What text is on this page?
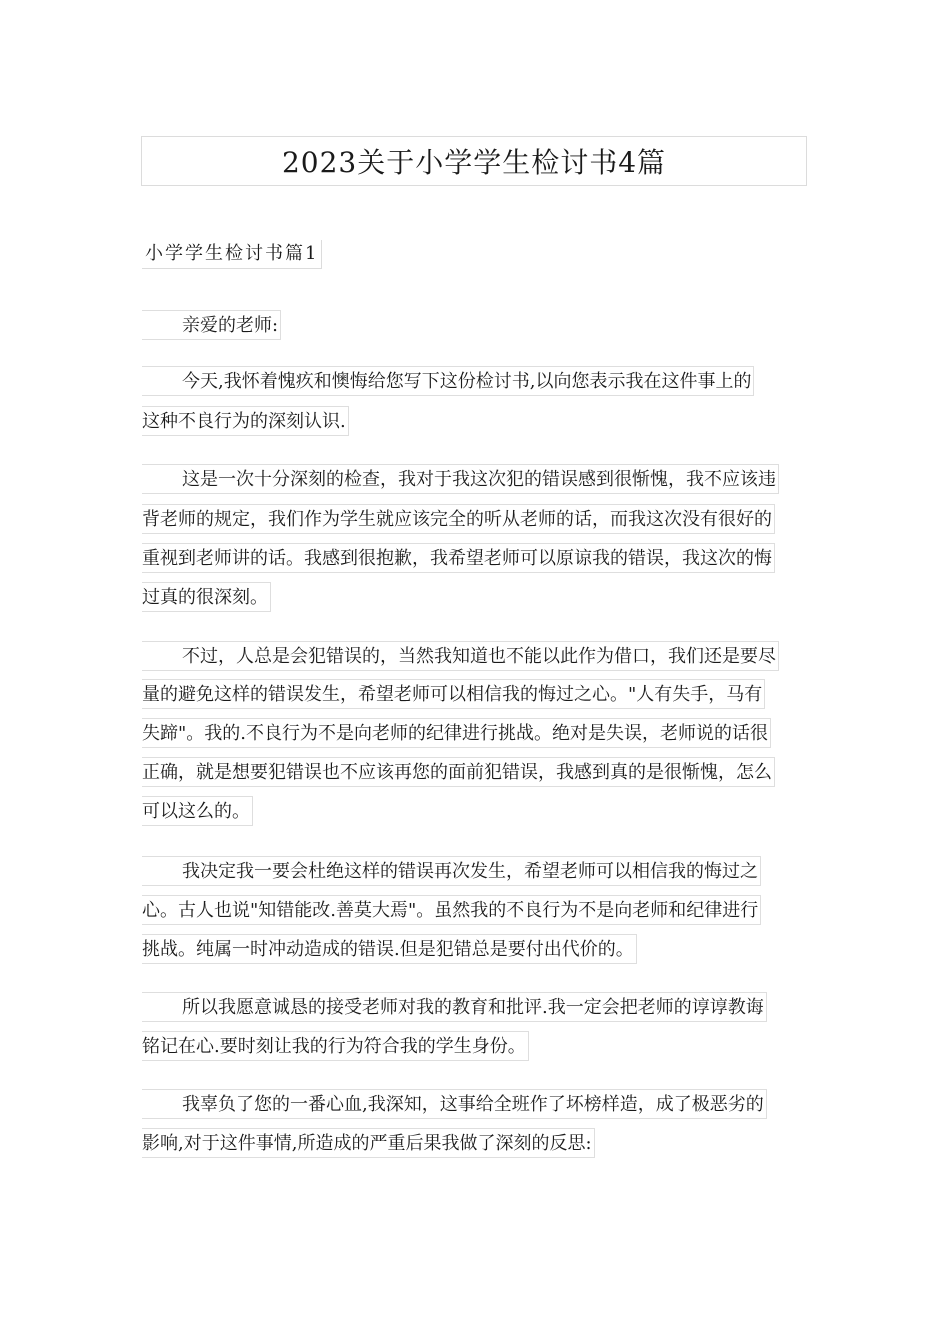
2023关于小学学生检讨书4篇
小学学生检讨书篇1
亲爱的老师:
今天,我怀着愧疚和懊悔给您写下这份检讨书,以向您表示我在这件事上的
这种不良行为的深刻认识.
这是一次十分深刻的检查，我对于我这次犯的错误感到很惭愧，我不应该违
背老师的规定，我们作为学生就应该完全的听从老师的话，而我这次没有很好的
重视到老师讲的话。我感到很抱歉，我希望老师可以原谅我的错误，我这次的悔
过真的很深刻。
不过，人总是会犯错误的，当然我知道也不能以此作为借口，我们还是要尽
量的避免这样的错误发生，希望老师可以相信我的悔过之心。"人有失手，马有
失蹄"。我的.不良行为不是向老师的纪律进行挑战。绝对是失误，老师说的话很
正确，就是想要犯错误也不应该再您的面前犯错误，我感到真的是很惭愧，怎么
可以这么的。
我决定我一要会杜绝这样的错误再次发生，希望老师可以相信我的悔过之
心。古人也说"知错能改.善莫大焉"。虽然我的不良行为不是向老师和纪律进行
挑战。纯属一时冲动造成的错误.但是犯错总是要付出代价的。
所以我愿意诚恳的接受老师对我的教育和批评.我一定会把老师的谆谆教诲
铭记在心.要时刻让我的行为符合我的学生身份。
我辜负了您的一番心血,我深知，这事给全班作了坏榜样造，成了极恶劣的
影响,对于这件事情,所造成的严重后果我做了深刻的反思:
